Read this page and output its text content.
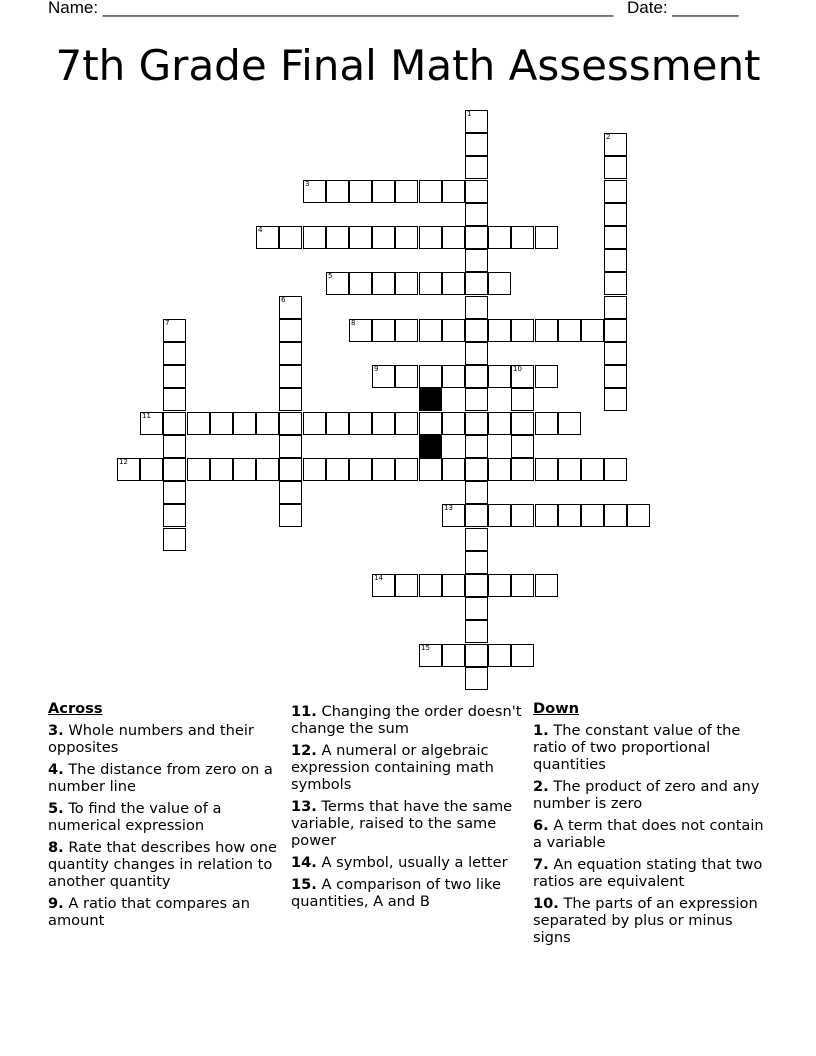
Name: ______________________________________________________ Date: _______
7th Grade Final Math Assessment
1
2
3
4
5
6
7	8
9	10
11
12
13
14
15
Across
3. Whole numbers and their opposites
4. The distance from zero on a number line
5. To find the value of a numerical expression
8. Rate that describes how one quantity changes in relation to another quantity
9. A ratio that compares an amount
11. Changing the order doesn't change the sum
12. A numeral or algebraic expression containing math symbols
13. Terms that have the same variable, raised to the same power
14. A symbol, usually a letter
15. A comparison of two like quantities, A and B
Down
1. The constant value of the ratio of two proportional quantities
2. The product of zero and any number is zero
6. A term that does not contain a variable
7. An equation stating that two ratios are equivalent
10. The parts of an expression separated by plus or minus signs
